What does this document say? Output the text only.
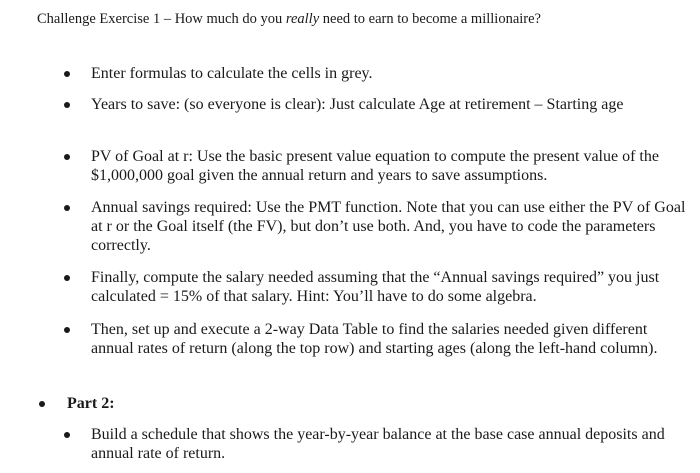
Challenge Exercise 1 – How much do you really need to earn to become a millionaire?
Enter formulas to calculate the cells in grey.
Years to save: (so everyone is clear): Just calculate Age at retirement – Starting age
PV of Goal at r: Use the basic present value equation to compute the present value of the $1,000,000 goal given the annual return and years to save assumptions.
Annual savings required: Use the PMT function. Note that you can use either the PV of Goal at r or the Goal itself (the FV), but don’t use both. And, you have to code the parameters correctly.
Finally, compute the salary needed assuming that the “Annual savings required” you just calculated = 15% of that salary. Hint: You’ll have to do some algebra.
Then, set up and execute a 2-way Data Table to find the salaries needed given different annual rates of return (along the top row) and starting ages (along the left-hand column).
Part 2:
Build a schedule that shows the year-by-year balance at the base case annual deposits and annual rate of return.
